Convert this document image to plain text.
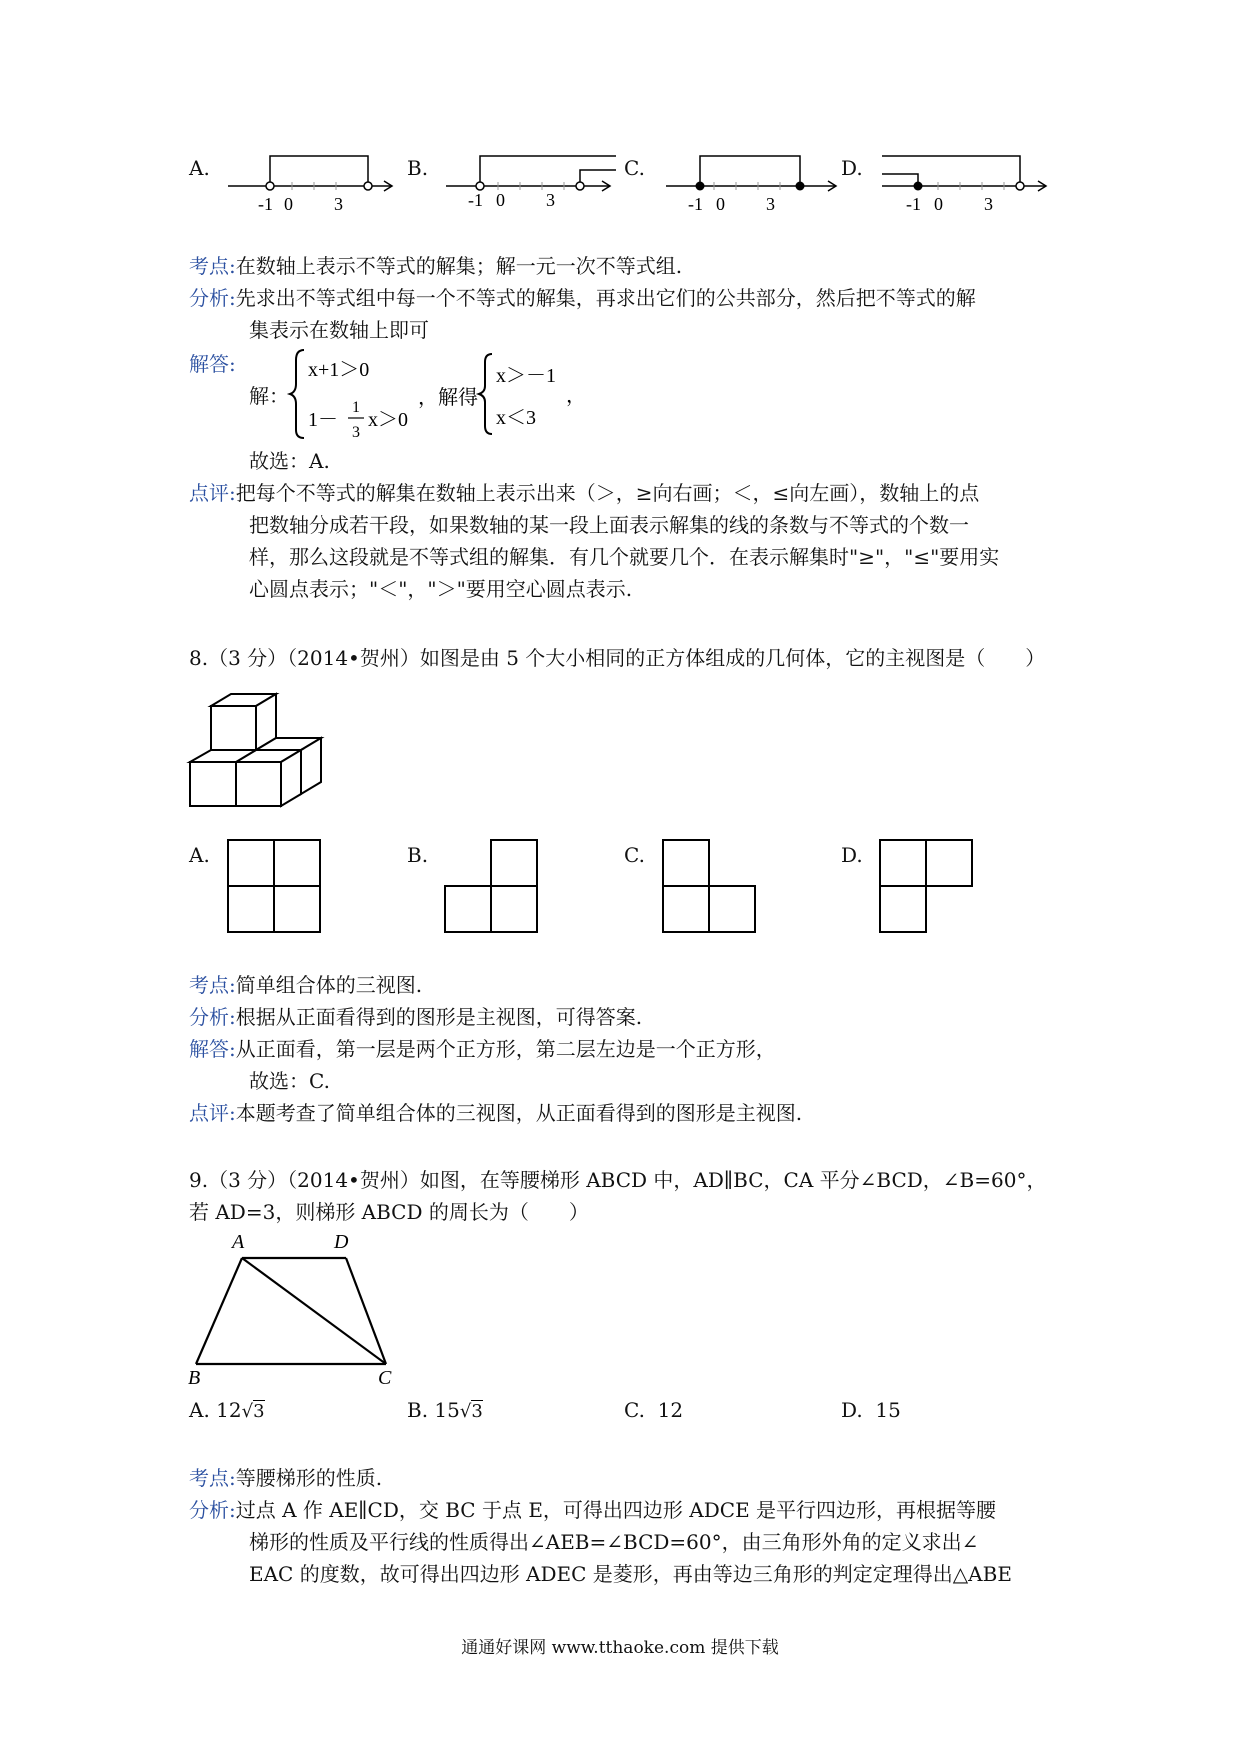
A.
-1 0 3
B.
-1 0 3
C.
-1 0 3
D.
-1 0 3
考点:在数轴上表示不等式的解集；解一元一次不等式组.
分析:先求出不等式组中每一个不等式的解集，再求出它们的公共部分，然后把不等式的解
集表示在数轴上即可
解答:
解：
x+1＞0
1－
1
3
x＞0
， 解得
x＞－1
x＜3
，
故选：A.
点评:把每个不等式的解集在数轴上表示出来（＞，≥向右画；＜，≤向左画），数轴上的点
把数轴分成若干段，如果数轴的某一段上面表示解集的线的条数与不等式的个数一
样，那么这段就是不等式组的解集．有几个就要几个．在表示解集时"≥"，"≤"要用实
心圆点表示；"＜"，"＞"要用空心圆点表示.
8.（3 分）（2014•贺州）如图是由 5 个大小相同的正方体组成的几何体，它的主视图是（　　）
A.	B.	C.	D.
考点:简单组合体的三视图.
分析:根据从正面看得到的图形是主视图，可得答案.
解答:从正面看，第一层是两个正方形，第二层左边是一个正方形，
故选：C.
点评:本题考查了简单组合体的三视图，从正面看得到的图形是主视图.
9.（3 分）（2014•贺州）如图，在等腰梯形 ABCD 中，AD∥BC，CA 平分∠BCD，∠B=60°，
若 AD=3，则梯形 ABCD 的周长为（　　）
A	D
B	C
A. 12√3	B. 15√3	C. 12	D. 15
考点:等腰梯形的性质.
分析:过点 A 作 AE∥CD，交 BC 于点 E，可得出四边形 ADCE 是平行四边形，再根据等腰
梯形的性质及平行线的性质得出∠AEB=∠BCD=60°，由三角形外角的定义求出∠
EAC 的度数，故可得出四边形 ADEC 是菱形，再由等边三角形的判定定理得出△ABE
通通好课网 www.tthaoke.com 提供下载
